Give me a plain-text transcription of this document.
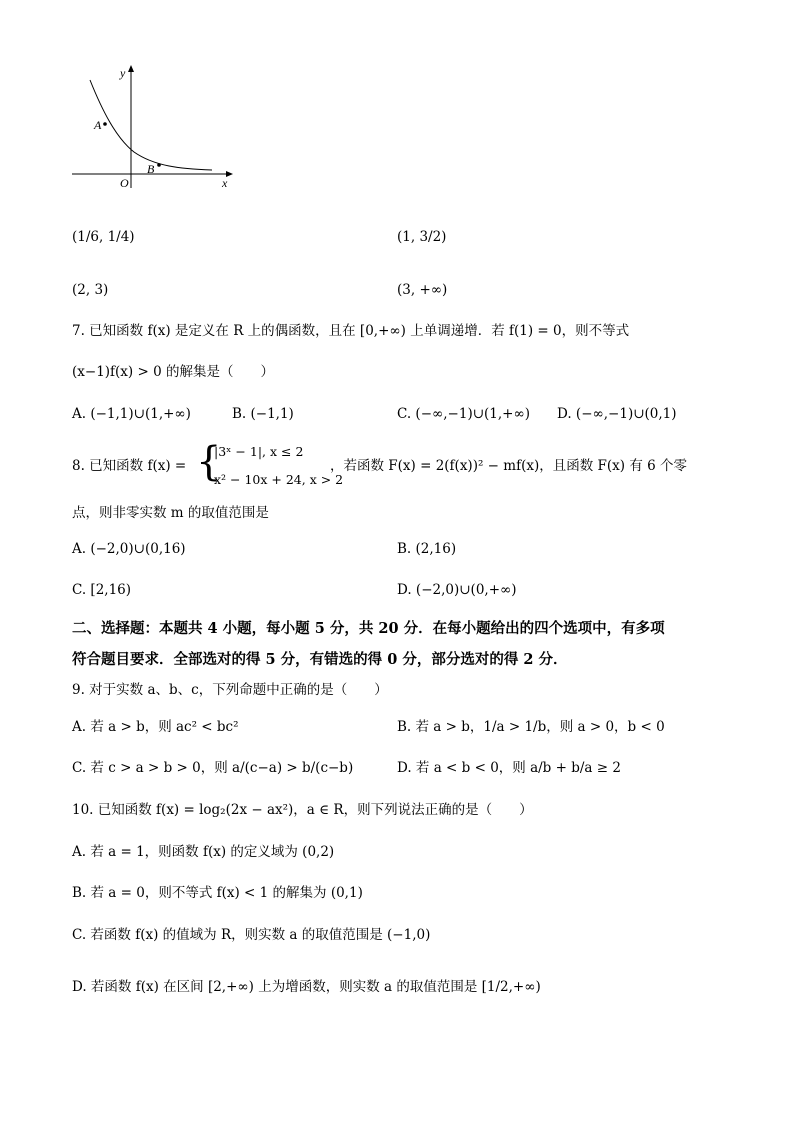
y
x
O
A
B
(1/6, 1/4)	(1, 3/2)
(2, 3)	(3, +∞)
7. 已知函数 f(x) 是定义在 R 上的偶函数，且在 [0,+∞) 上单调递增．若 f(1) = 0，则不等式
(x−1)f(x) > 0 的解集是（　　）
A. (−1,1)∪(1,+∞)	B. (−1,1)	C. (−∞,−1)∪(1,+∞) D. (−∞,−1)∪(0,1)
8. 已知函数 f(x) = {
|3ˣ − 1|, x ≤ 2
x² − 10x + 24, x > 2
，若函数 F(x) = 2(f(x))² − mf(x)，且函数 F(x) 有 6 个零
点，则非零实数 m 的取值范围是
A. (−2,0)∪(0,16)	B. (2,16)
C. [2,16)	D. (−2,0)∪(0,+∞)
二、选择题：本题共 4 小题，每小题 5 分，共 20 分．在每小题给出的四个选项中，有多项
符合题目要求．全部选对的得 5 分，有错选的得 0 分，部分选对的得 2 分．
9. 对于实数 a、b、c，下列命题中正确的是（　　）
A. 若 a > b，则 ac² < bc²	B. 若 a > b，1/a > 1/b，则 a > 0，b < 0
C. 若 c > a > b > 0，则 a/(c−a) > b/(c−b)	D. 若 a < b < 0，则 a/b + b/a ≥ 2
10. 已知函数 f(x) = log₂(2x − ax²)，a ∈ R，则下列说法正确的是（　　）
A. 若 a = 1，则函数 f(x) 的定义域为 (0,2)
B. 若 a = 0，则不等式 f(x) < 1 的解集为 (0,1)
C. 若函数 f(x) 的值域为 R，则实数 a 的取值范围是 (−1,0)
D. 若函数 f(x) 在区间 [2,+∞) 上为增函数，则实数 a 的取值范围是 [1/2,+∞)
